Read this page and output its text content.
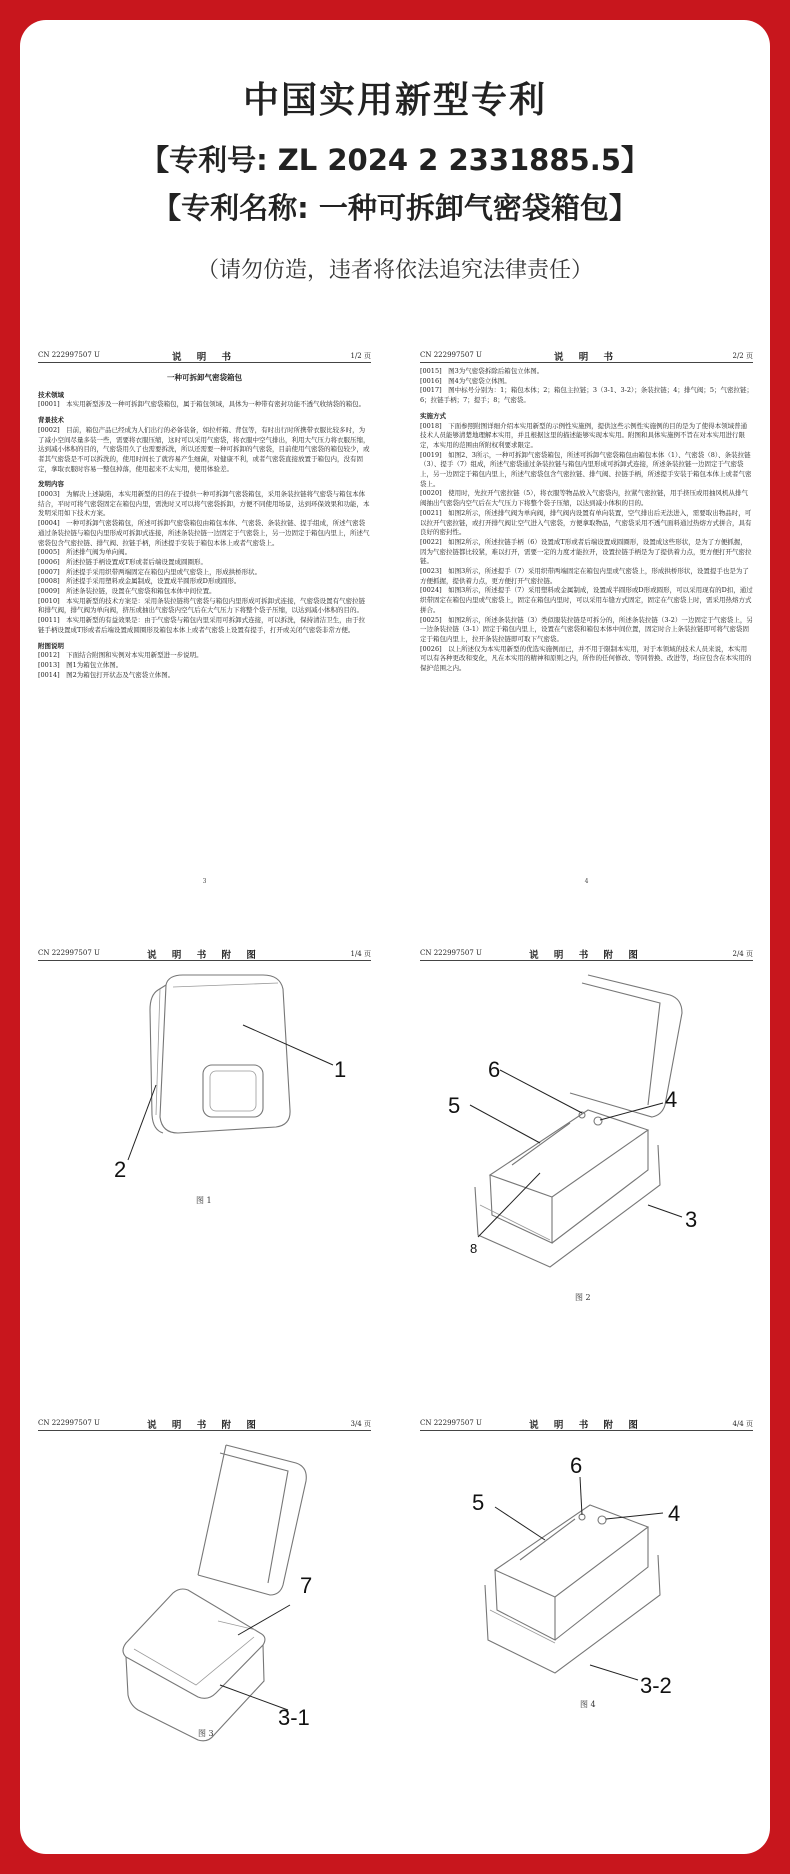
中国实用新型专利
【专利号: ZL 2024 2 2331885.5】
【专利名称: 一种可拆卸气密袋箱包】
（请勿仿造，违者将依法追究法律责任）
CN 222997507 U	说 明 书	1/2 页

一种可拆卸气密袋箱包

技术领域

[0001]　本实用新型涉及一种可拆卸气密袋箱包，属于箱包领域，具体为一种带有密封功能不透气收纳袋的箱包。

背景技术

[0002]　目前，箱包产品已经成为人们出行的必备装备，如拉杆箱、背包等，有时出行时所携带衣服比较多时，为了减小空间尽量多装一些，需要将衣服压缩，这时可以采用气密袋，将衣服中空气排出，利用大气压力将衣服压缩，达到减小体积的目的，气密袋用久了也需要拆洗，所以还需要一种可拆卸的气密袋，目前使用气密袋的箱包较少，或者其气密袋是不可以拆洗的，使用时间长了就容易产生细菌，对健康不利，或者气密袋直接放置于箱包内，没有固定，拿取衣服时容易一整包掉落，使用起来不太实用，使用体验差。

发明内容

[0003]　为解决上述缺陷，本实用新型的目的在于提供一种可拆卸气密袋箱包，采用条装拉链将气密袋与箱包本体结合，平时可将气密袋固定在箱包内里，需洗时又可以将气密袋拆卸，方便不同使用场景，达到环保效果和功能，本发明采用如下技术方案。

[0004]　一种可拆卸气密袋箱包，所述可拆卸气密袋箱包由箱包本体、气密袋、条装拉链、提手组成，所述气密袋通过条装拉链与箱包内里形成可拆卸式连接，所述条装拉链一边固定于气密袋上，另一边固定于箱包内里上，所述气密袋包含气密拉链、排气阀、拉链手柄，所述提手安装于箱包本体上或者气密袋上。

[0005]　所述排气阀为单向阀。

[0006]　所述拉链手柄设置成T形或者后端设置成圆圈形。

[0007]　所述提手采用织带两端固定在箱包内里或气密袋上，形成拱桥形状。

[0008]　所述提手采用塑料或金属制成，设置成半圆形或D形或圆形。

[0009]　所述条装拉链，设置在气密袋和箱包本体中间位置。

[0010]　本实用新型的技术方案是：采用条装拉链将气密袋与箱包内里形成可拆卸式连接，气密袋设置有气密拉链和排气阀，排气阀为单向阀，挤压或抽出气密袋内空气后在大气压力下将整个袋子压缩，以达到减小体积的目的。

[0011]　本实用新型的有益效果是：由于气密袋与箱包内里采用可拆卸式连接，可以拆洗，保持清洁卫生，由于拉链手柄设置成T形或者后端设置成圆圈形及箱包本体上或者气密袋上设置有提手，打开或关闭气密袋非常方便。

附图说明

[0012]　下面结合附图和实例对本实用新型进一步说明。

[0013]　图1为箱包立体图。

[0014]　图2为箱包打开状态及气密袋立体图。

3
CN 222997507 U	说 明 书	2/2 页

[0015]　图3为气密袋拆除后箱包立体图。

[0016]　图4为气密袋立体图。

[0017]　图中标号分别为：1；箱包本体；2；箱包主拉链；3（3-1、3-2）；条装拉链；4；排气阀；5；气密拉链；6；拉链手柄；7；提手；8；气密袋。

实施方式

[0018]　下面参照附图详细介绍本实用新型的示例性实施例，提供这些示例性实施例的目的是为了使得本领域普通技术人员能够清楚地理解本实用，并且根据这里的描述能够实现本实用。附图和具体实施例不旨在对本实用进行限定，本实用的范围由所附权利要求限定。

[0019]　如图2、3所示，一种可拆卸气密袋箱包，所述可拆卸气密袋箱包由箱包本体（1）、气密袋（8）、条装拉链（3）、提手（7）组成，所述气密袋通过条装拉链与箱包内里形成可拆卸式连接，所述条装拉链一边固定于气密袋上，另一边固定于箱包内里上，所述气密袋包含气密拉链、排气阀、拉链手柄，所述提手安装于箱包本体上或者气密袋上。

[0020]　使用时，先拉开气密拉链（5），将衣服等物品放入气密袋内，拉紧气密拉链，用手挤压或用抽风机从排气阀抽出气密袋内空气后在大气压力下将整个袋子压缩，以达到减小体积的目的。

[0021]　如图2所示，所述排气阀为单向阀，排气阀内设置有单向装置，空气排出后无法进入，需要取出物品时，可以拉开气密拉链，或打开排气阀让空气进入气密袋，方便拿取物品，气密袋采用不透气面料通过热熔方式拼合，具有良好的密封性。

[0022]　如图2所示，所述拉链手柄（6）设置成T形或者后端设置成圆圈形，设置成这些形状，是为了方便抓握，因为气密拉链都比较紧，难以打开，需要一定的力度才能拉开，设置拉链手柄是为了提供着力点，更方便打开气密拉链。

[0023]　如图3所示，所述提手（7）采用织带两端固定在箱包内里或气密袋上，形成拱桥形状，设置提手也是为了方便抓握，提供着力点，更方便打开气密拉链。

[0024]　如图3所示，所述提手（7）采用塑料或金属制成，设置成半圆形或D形或圆形，可以采用现有的D扣，通过织带固定在箱包内里或气密袋上，固定在箱包内里时，可以采用车缝方式固定，固定在气密袋上时，需采用热熔方式拼合。

[0025]　如图2所示，所述条装拉链（3）类似服装拉链是可拆分的，所述条装拉链（3-2）一边固定于气密袋上，另一边条装拉链（3-1）固定于箱包内里上，设置在气密袋和箱包本体中间位置，固定时合上条装拉链即可将气密袋固定于箱包内里上，拉开条装拉链即可取下气密袋。

[0026]　以上所述仅为本实用新型的优选实施例而已，并不用于限制本实用，对于本领域的技术人员来说，本实用可以有各种更改和变化，凡在本实用的精神和原则之内，所作的任何修改、等同替换、改进等，均应包含在本实用的保护范围之内。

4
CN 222997507 U	说 明 书 附 图	1/4 页
1
2
图 1
CN 222997507 U	说 明 书 附 图	2/4 页
6
5	4
3
8
图 2
CN 222997507 U	说 明 书 附 图	3/4 页
7
3-1
图 3
CN 222997507 U	说 明 书 附 图	4/4 页
6
5	4
3-2
图 4
